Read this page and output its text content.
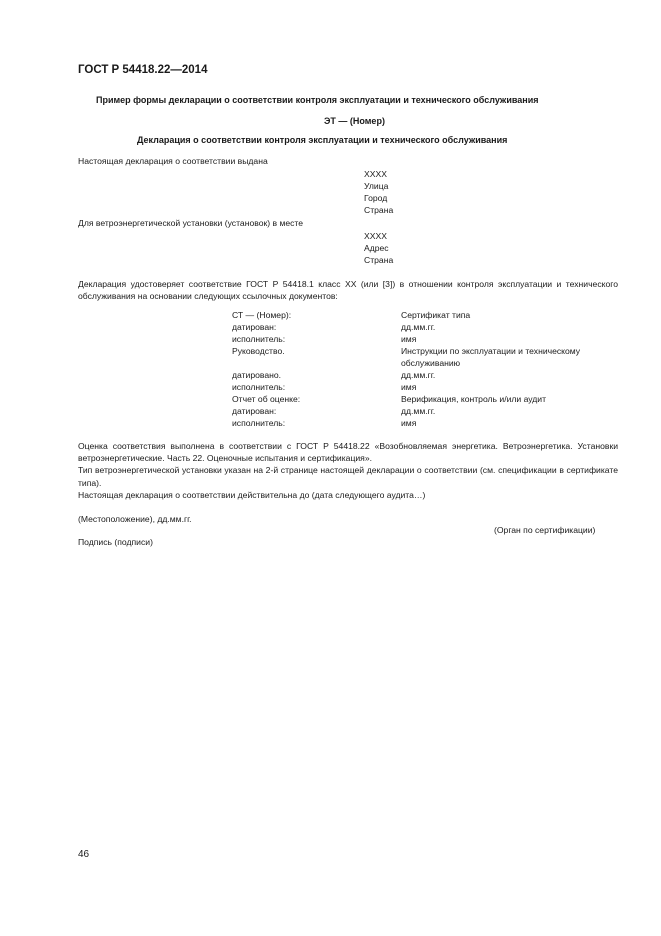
ГОСТ Р 54418.22—2014
Пример формы декларации о соответствии контроля эксплуатации и технического обслуживания
ЭТ — (Номер)
Декларация о соответствии контроля эксплуатации и технического обслуживания
Настоящая декларация о соответствии выдана
ХХХХ
Улица
Город
Страна
Для ветроэнергетической установки (установок) в месте
ХХХХ
Адрес
Страна

Декларация удостоверяет соответствие ГОСТ Р 54418.1 класс ХХ (или [3]) в отношении контроля эксплуатации и технического обслуживания на основании следующих ссылочных документов:

СТ — (Номер):	Сертификат типа
датирован:	дд.мм.гг.
исполнитель:	имя
Руководство.	Инструкции по эксплуатации и техническому
обслуживанию
датировано.	дд.мм.гг.
исполнитель:	имя
Отчет об оценке:	Верификация, контроль и/или аудит
датирован:	дд.мм.гг.
исполнитель:	имя

Оценка соответствия выполнена в соответствии с ГОСТ Р 54418.22 «Возобновляемая энергетика. Ветроэнергетика. Установки ветроэнергетические. Часть 22. Оценочные испытания и сертификация».

Тип ветроэнергетической установки указан на 2-й странице настоящей декларации о соответствии (см. спецификации в сертификате типа).

Настоящая декларация о соответствии действительна до (дата следующего аудита…)

(Местоположение), дд.мм.гг.
(Орган по сертификации)
Подпись (подписи)
46
